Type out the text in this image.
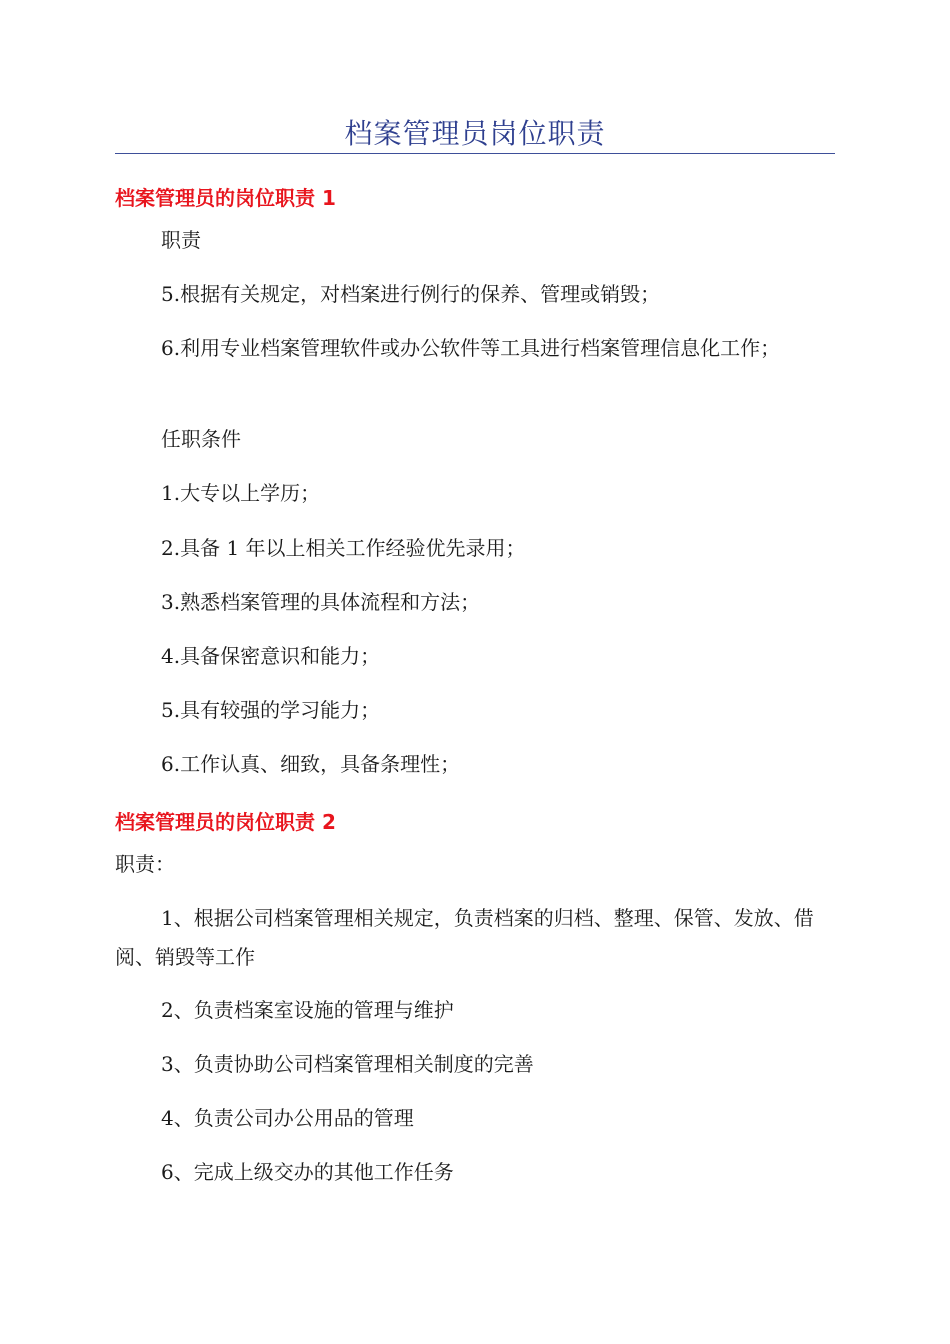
档案管理员岗位职责
档案管理员的岗位职责 1
职责
5.根据有关规定，对档案进行例行的保养、管理或销毁；
6.利用专业档案管理软件或办公软件等工具进行档案管理信息化工作；
任职条件
1.大专以上学历；
2.具备 1 年以上相关工作经验优先录用；
3.熟悉档案管理的具体流程和方法；
4.具备保密意识和能力；
5.具有较强的学习能力；
6.工作认真、细致，具备条理性；
档案管理员的岗位职责 2
职责：
1、根据公司档案管理相关规定，负责档案的归档、整理、保管、发放、借阅、销毁等工作
2、负责档案室设施的管理与维护
3、负责协助公司档案管理相关制度的完善
4、负责公司办公用品的管理
6、完成上级交办的其他工作任务
